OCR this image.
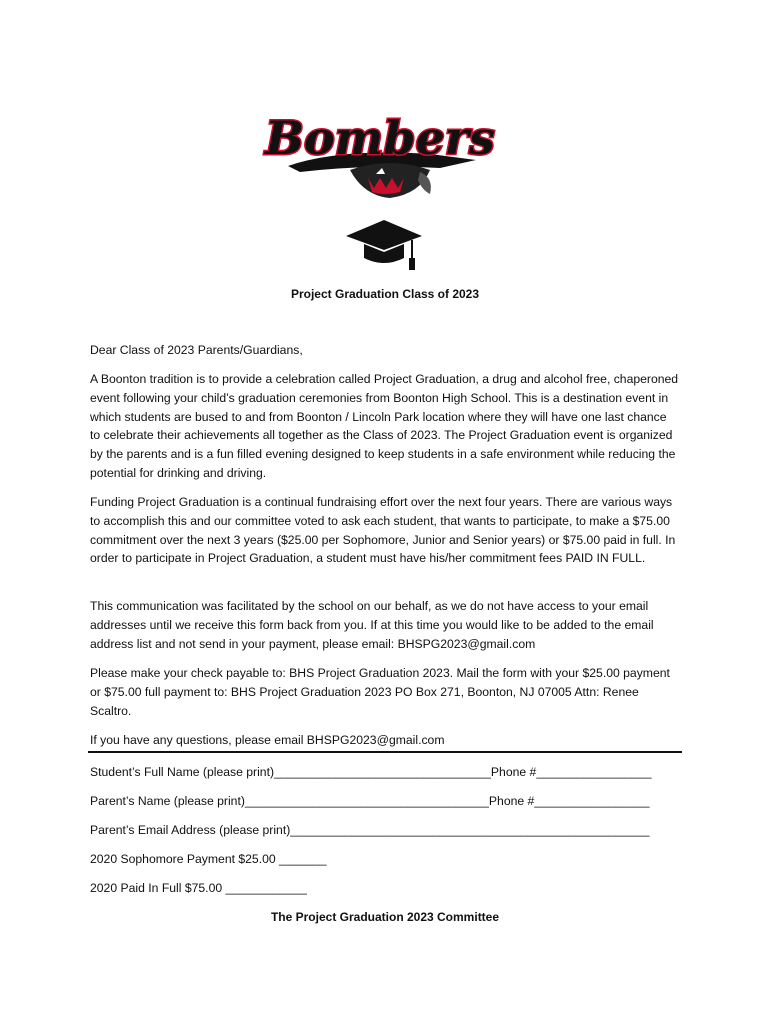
Bombers
Project Graduation Class of 2023

Dear Class of 2023 Parents/Guardians,

A Boonton tradition is to provide a celebration called Project Graduation, a drug and alcohol free, chaperoned event following your child’s graduation ceremonies from Boonton High School. This is a destination event in which students are bused to and from Boonton / Lincoln Park location where they will have one last chance to celebrate their achievements all together as the Class of 2023. The Project Graduation event is organized by the parents and is a fun filled evening designed to keep students in a safe environment while reducing the potential for drinking and driving.

Funding Project Graduation is a continual fundraising effort over the next four years. There are various ways to accomplish this and our committee voted to ask each student, that wants to participate, to make a $75.00 commitment over the next 3 years ($25.00 per Sophomore, Junior and Senior years) or $75.00 paid in full. In order to participate in Project Graduation, a student must have his/her commitment fees PAID IN FULL.

This communication was facilitated by the school on our behalf, as we do not have access to your email addresses until we receive this form back from you. If at this time you would like to be added to the email address list and not send in your payment, please email: BHSPG2023@gmail.com

Please make your check payable to: BHS Project Graduation 2023. Mail the form with your $25.00 payment or $75.00 full payment to: BHS Project Graduation 2023 PO Box 271, Boonton, NJ 07005 Attn: Renee Scaltro.

If you have any questions, please email BHSPG2023@gmail.com

Student’s Full Name (please print)________________________________Phone #_________________

Parent’s Name (please print)____________________________________Phone #_________________

Parent’s Email Address (please print)_____________________________________________________

2020 Sophomore Payment $25.00 _______

2020 Paid In Full $75.00 ____________

The Project Graduation 2023 Committee
